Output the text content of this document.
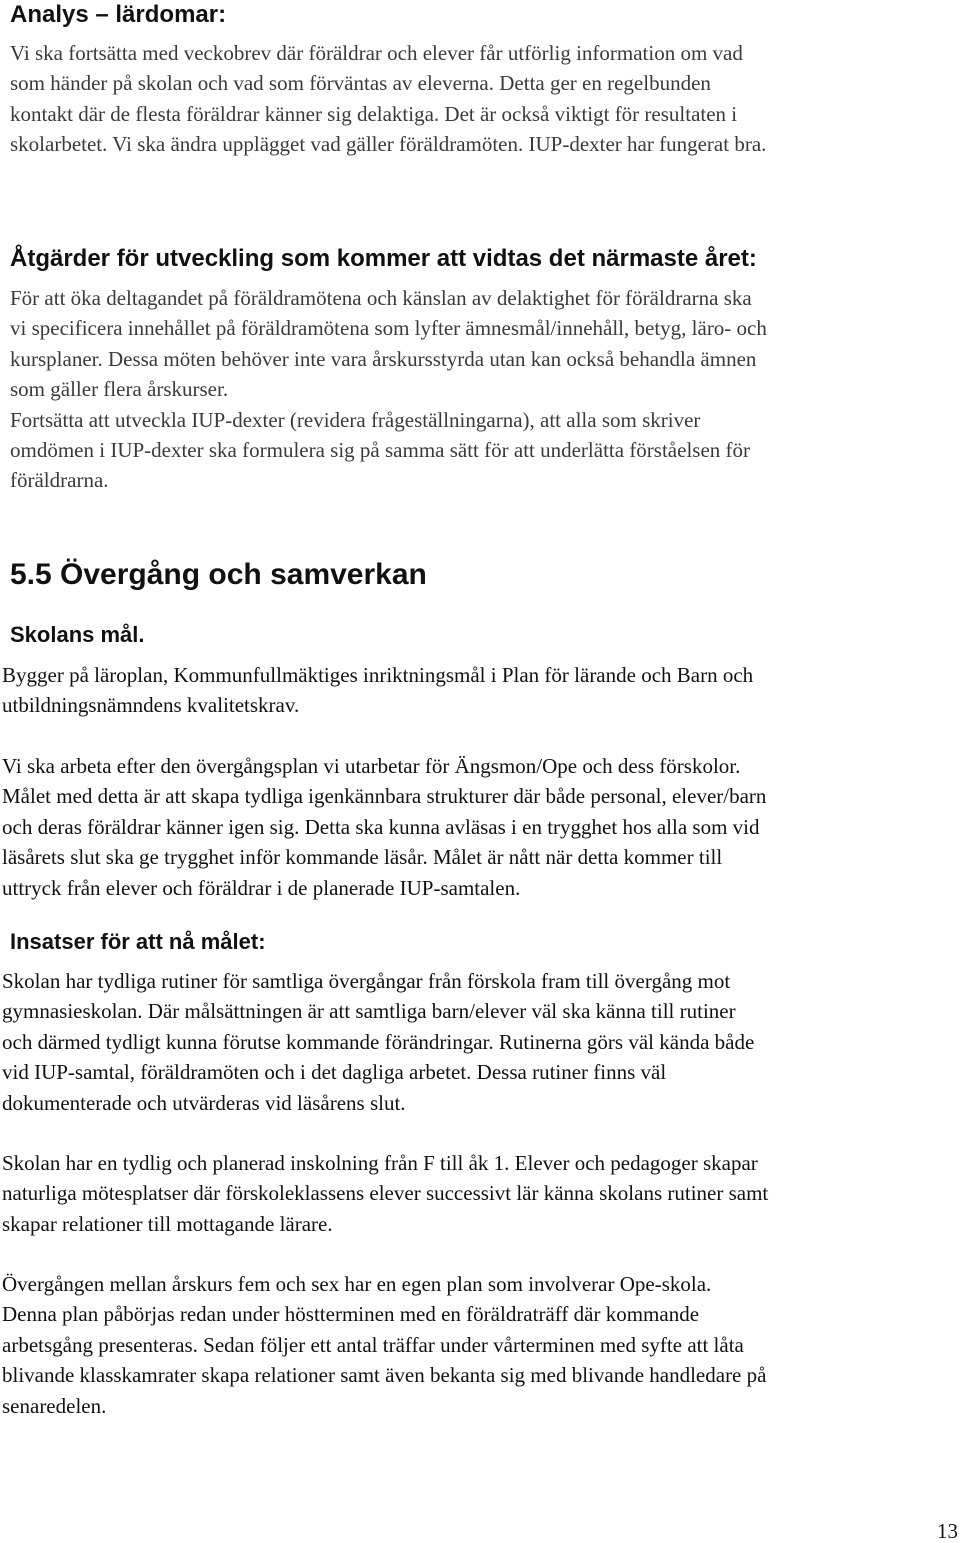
Analys – lärdomar:
Vi ska fortsätta med veckobrev där föräldrar och elever får utförlig information om vad
som händer på skolan och vad som förväntas av eleverna. Detta ger en regelbunden
kontakt där de flesta föräldrar känner sig delaktiga. Det är också viktigt för resultaten i
skolarbetet. Vi ska ändra upplägget vad gäller föräldramöten. IUP-dexter har fungerat bra.
Åtgärder för utveckling som kommer att vidtas det närmaste året:
För att öka deltagandet på föräldramötena och känslan av delaktighet för föräldrarna ska
vi specificera innehållet på föräldramötena som lyfter ämnesmål/innehåll, betyg, läro- och
kursplaner. Dessa möten behöver inte vara årskursstyrda utan kan också behandla ämnen
som gäller flera årskurser.
Fortsätta att utveckla IUP-dexter (revidera frågeställningarna), att alla som skriver
omdömen i IUP-dexter ska formulera sig på samma sätt för att underlätta förståelsen för
föräldrarna.
5.5 Övergång och samverkan
Skolans mål.
Bygger på läroplan, Kommunfullmäktiges inriktningsmål i Plan för lärande och Barn och
utbildningsnämndens kvalitetskrav.
Vi ska arbeta efter den övergångsplan vi utarbetar för Ängsmon/Ope och dess förskolor.
Målet med detta är att skapa tydliga igenkännbara strukturer där både personal, elever/barn
och deras föräldrar känner igen sig. Detta ska kunna avläsas i en trygghet hos alla som vid
läsårets slut ska ge trygghet inför kommande läsår. Målet är nått när detta kommer till
uttryck från elever och föräldrar i de planerade IUP-samtalen.
Insatser för att nå målet:
Skolan har tydliga rutiner för samtliga övergångar från förskola fram till övergång mot
gymnasieskolan. Där målsättningen är att samtliga barn/elever väl ska känna till rutiner
och därmed tydligt kunna förutse kommande förändringar. Rutinerna görs väl kända både
vid IUP-samtal, föräldramöten och i det dagliga arbetet. Dessa rutiner finns väl
dokumenterade och utvärderas vid läsårens slut.
Skolan har en tydlig och planerad inskolning från F till åk 1. Elever och pedagoger skapar
naturliga mötesplatser där förskoleklassens elever successivt lär känna skolans rutiner samt
skapar relationer till mottagande lärare.
Övergången mellan årskurs fem och sex har en egen plan som involverar Ope-skola.
Denna plan påbörjas redan under höstterminen med en föräldraträff där kommande
arbetsgång presenteras. Sedan följer ett antal träffar under vårterminen med syfte att låta
blivande klasskamrater skapa relationer samt även bekanta sig med blivande handledare på
senaredelen.
13
